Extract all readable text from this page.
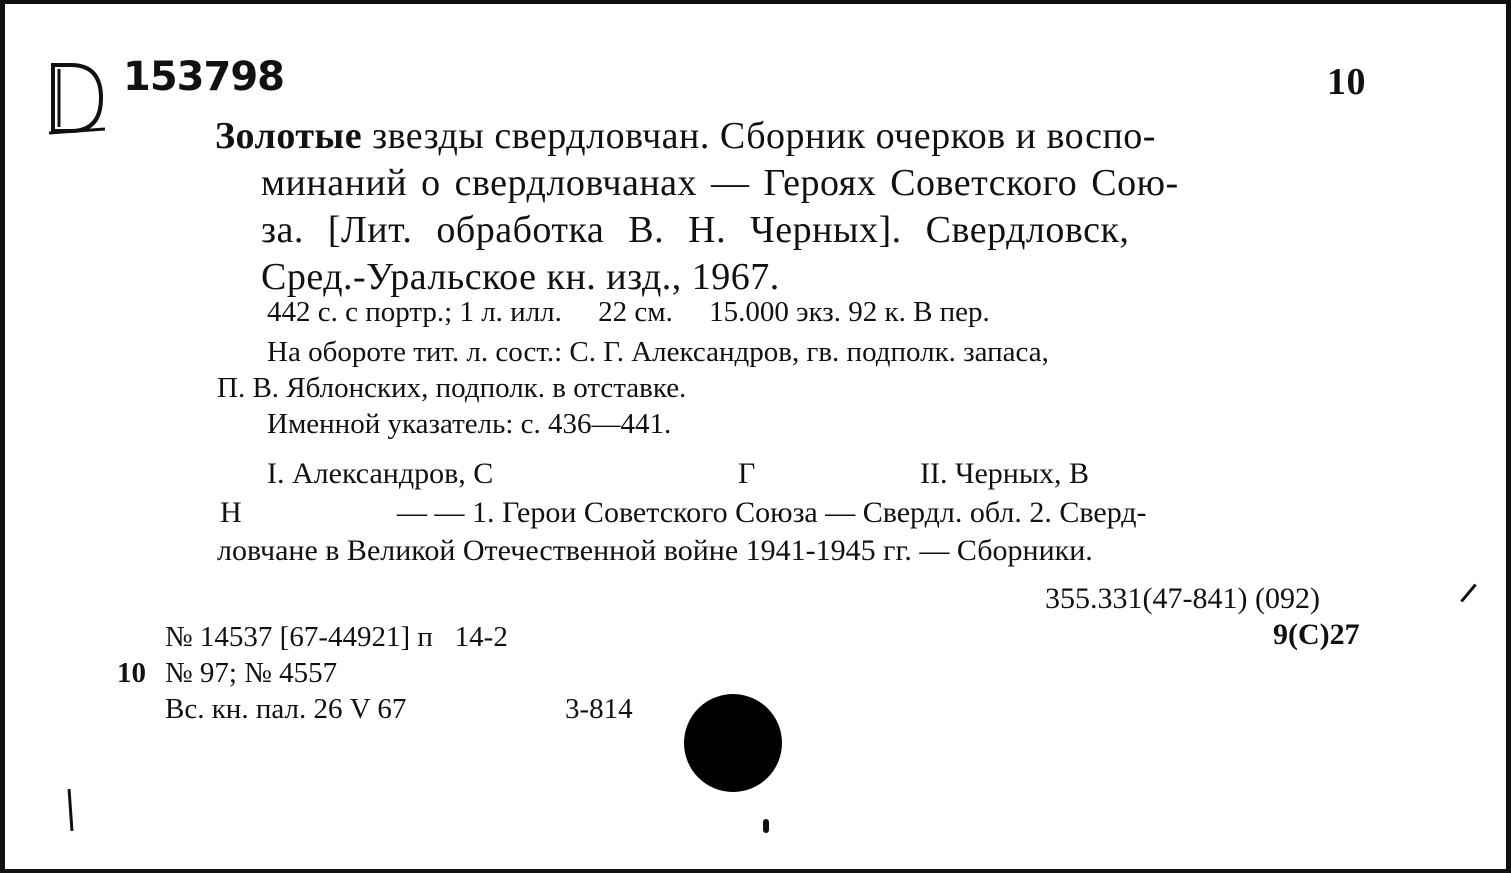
153798	10
Золотые звезды свердловчан. Сборник очерков и воспо-
минаний о свердловчанах — Героях Советского Сою-
за. [Лит. обработка В. Н. Черных]. Свердловск,
Сред.-Уральское кн. изд., 1967.
442 с. с портр.; 1 л. илл.     22 см.     15.000 экз. 92 к. В пер.
На обороте тит. л. сост.: С. Г. Александров, гв. подполк. запаса,
П. В. Яблонских, подполк. в отставке.
Именной указатель: с. 436—441.
I. Александров, С	Г	II. Черных, В
Н	— — 1. Герои Советского Союза — Свердл. обл. 2. Сверд-
ловчане в Великой Отечественной войне 1941-1945 гг. — Сборники.
355.331(47-841) (092)
9(С)27
№ 14537 [67-44921] п   14-2
10 № 97; № 4557
Вс. кн. пал. 26 V 67	3-814
